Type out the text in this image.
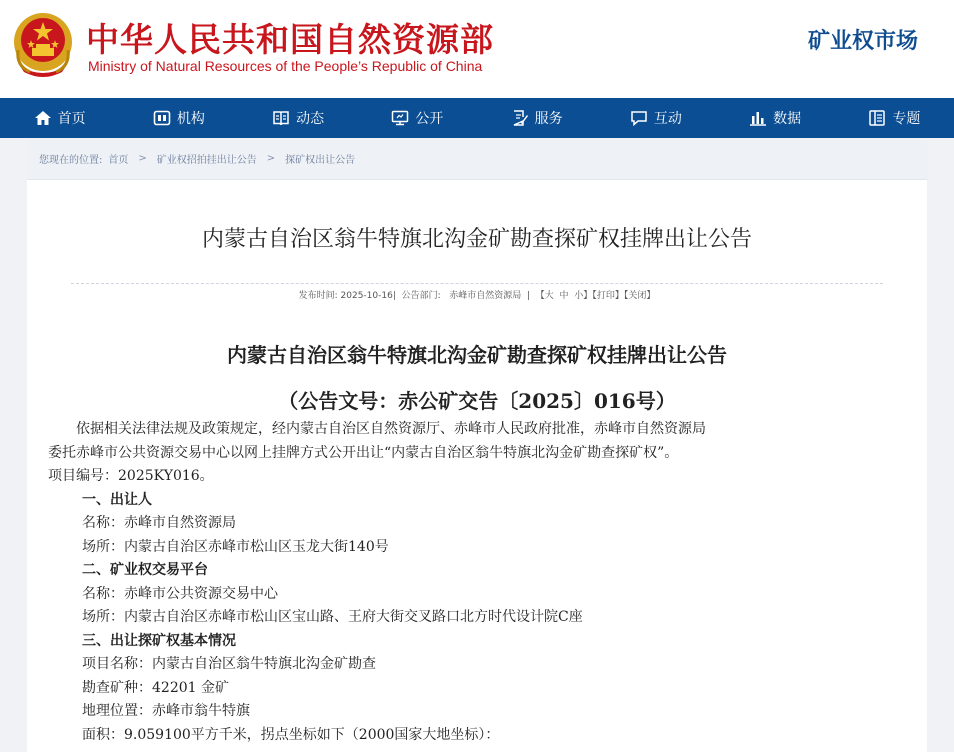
中华人民共和国自然资源部
Ministry of Natural Resources of the People’s Republic of China
矿业权市场
首页	机构	动态	公开	服务	互动	数据	专题
您现在的位置: 首页 > 矿业权招拍挂出让公告 > 探矿权出让公告
内蒙古自治区翁牛特旗北沟金矿勘查探矿权挂牌出让公告
发布时间: 2025-10-16|  公告部门: 赤峰市自然资源局  |  【大 中 小】【打印】【关闭】
内蒙古自治区翁牛特旗北沟金矿勘查探矿权挂牌出让公告
（公告文号：赤公矿交告〔2025〕016号）

依据相关法律法规及政策规定，经内蒙古自治区自然资源厅、赤峰市人民政府批准，赤峰市自然资源局

委托赤峰市公共资源交易中心以网上挂牌方式公开出让“内蒙古自治区翁牛特旗北沟金矿勘查探矿权”。

项目编号：2025KY016。

一、出让人

名称：赤峰市自然资源局

场所：内蒙古自治区赤峰市松山区玉龙大街140号

二、矿业权交易平台

名称：赤峰市公共资源交易中心

场所：内蒙古自治区赤峰市松山区宝山路、王府大街交叉路口北方时代设计院C座

三、出让探矿权基本情况

项目名称：内蒙古自治区翁牛特旗北沟金矿勘查

勘查矿种：42201 金矿

地理位置：赤峰市翁牛特旗

面积：9.059100平方千米，拐点坐标如下（2000国家大地坐标）：
